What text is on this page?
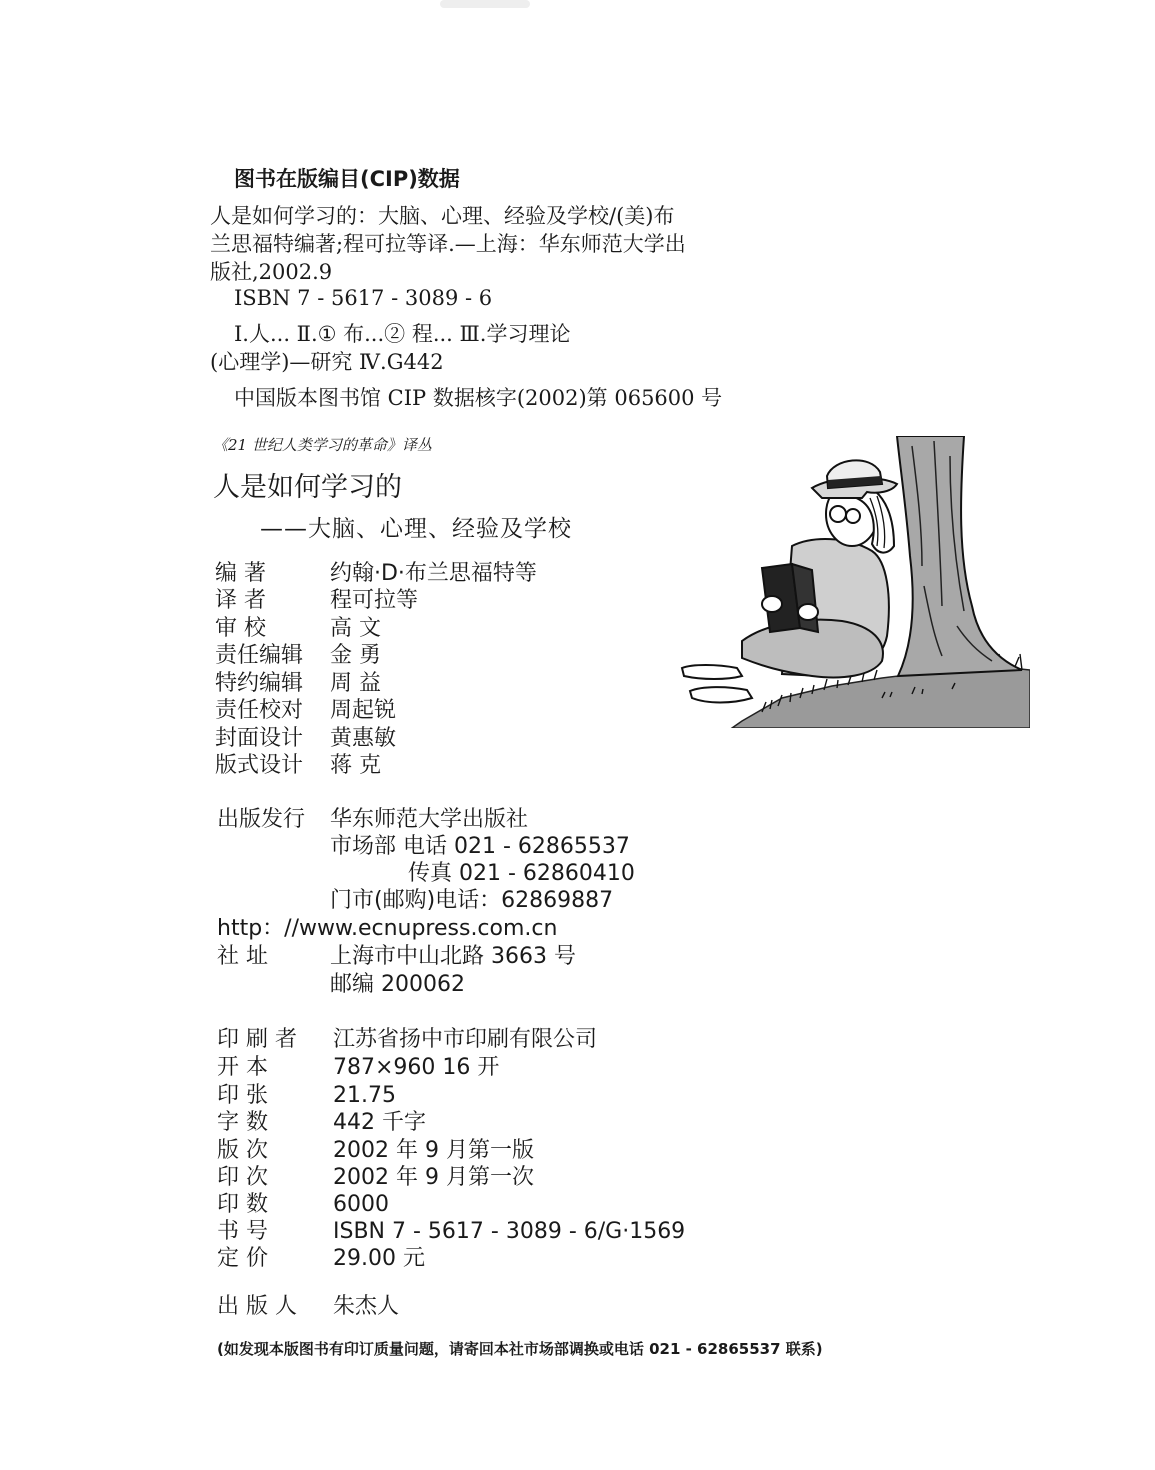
图书在版编目(CIP)数据
人是如何学习的：大脑、心理、经验及学校/(美)布
兰思福特编著;程可拉等译.—上海：华东师范大学出
版社,2002.9
ISBN 7 - 5617 - 3089 - 6
Ⅰ.人... Ⅱ.① 布...② 程... Ⅲ.学习理论
(心理学)—研究 Ⅳ.G442
中国版本图书馆 CIP 数据核字(2002)第 065600 号
《21 世纪人类学习的革命》译丛
人是如何学习的
——大脑、心理、经验及学校
编 著	约翰·D·布兰思福特等
译 者	程可拉等
审 校	高 文
责任编辑 金 勇
特约编辑 周 益
责任校对 周起锐
封面设计 黄惠敏
版式设计 蒋 克
出版发行 华东师范大学出版社
市场部 电话 021 - 62865537
传真 021 - 62860410
门市(邮购)电话：62869887
http：//www.ecnupress.com.cn
社 址	上海市中山北路 3663 号
邮编 200062
印 刷 者 江苏省扬中市印刷有限公司
开 本	787×960 16 开
印 张	21.75
字 数	442 千字
版 次	2002 年 9 月第一版
印 次	2002 年 9 月第一次
印 数	6000
书 号	ISBN 7 - 5617 - 3089 - 6/G·1569
定 价	29.00 元
出 版 人 朱杰人
(如发现本版图书有印订质量问题，请寄回本社市场部调换或电话 021 - 62865537 联系)
